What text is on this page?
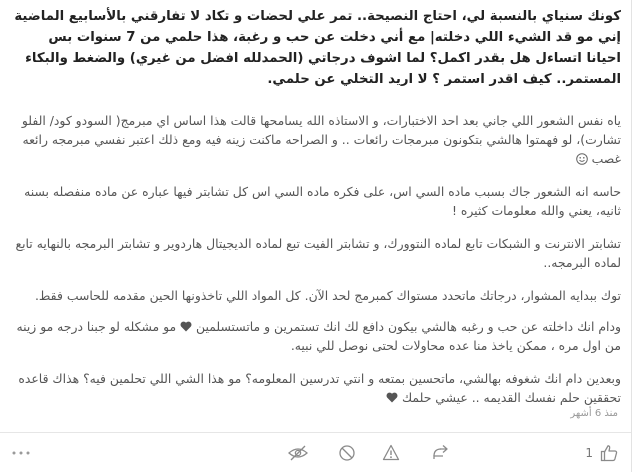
كونك سنياي بالنسبة لي، احتاج النصيحة.. تمر علي لحضات و تكاد لا تفارقني بالأسابيع الماضية إني مو قد الشيء اللي دخلته| مع أني دخلت عن حب و رغبة، هذا حلمي من 7 سنوات بس احيانا اتساءل هل بقدر اكمل؟ لما اشوف درجاتي (الحمدلله افضل من غيري) والضغط والبكاء المستمر.. كيف اقدر استمر ؟ لا اريد التخلي عن حلمي.

ياه نفس الشعور اللي جاني بعد احد الاختبارات، و الاستاذه الله يسامحها قالت هذا اساس اي مبرمج( السودو كود/ الفلو تشارت)، لو فهمتوا هالشي بتكونون مبرمجات رائعات .. و الصراحه ماكنت زينه فيه ومع ذلك اعتبر نفسي مبرمجه رائعه غصب

حاسه انه الشعور جاك بسبب ماده السي اس، على فكره ماده السي اس كل تشابتر فيها عباره عن ماده منفصله بسنه ثانيه، يعني والله معلومات كثيره !

تشابتر الانترنت و الشبكات تابع لماده النتوورك، و تشابتر الفيت تبع لماده الديجيتال هاردوير و تشابتر البرمجه بالنهايه تابع لماده البرمجه..

توك ببدايه المشوار، درجاتك ماتحدد مستواك كمبرمج لحد الآن. كل المواد اللي تاخذونها الحين مقدمه للحاسب فقط.

ودام انك داخلته عن حب و رغبه هالشي بيكون دافع لك انك تستمرين و ماتستسلمين  مو مشكله لو جبنا درجه مو زينه من اول مره ، ممكن ياخذ منا عده محاولات لحتى نوصل للي نبيه.

وبعدين دام انك شغوفه بهالشي، ماتحسين بمتعه و انتي تدرسين المعلومه؟ مو هذا الشي اللي تحلمين فيه؟ هذاك قاعده تحققين حلم نفسك القديمه .. عيشي حلمك

منذ 6 أشهر
1
